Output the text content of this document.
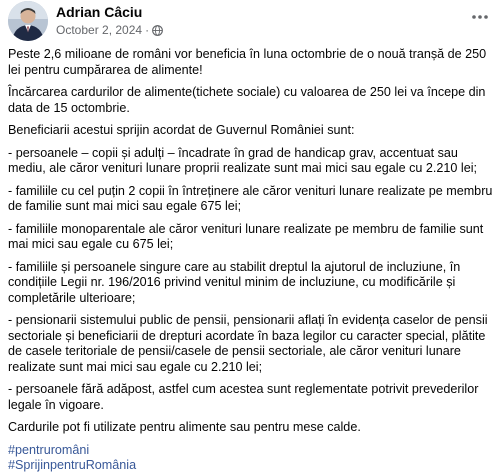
Adrian Câciu
October 2, 2024 ·

Peste 2,6 milioane de români vor beneficia în luna octombrie de o nouă tranșă de 250 lei pentru cumpărarea de alimente!

Încărcarea cardurilor de alimente(tichete sociale) cu valoarea de 250 lei va începe din data de 15 octombrie.

Beneficiarii acestui sprijin acordat de Guvernul României sunt:

- persoanele – copii și adulți – încadrate în grad de handicap grav, accentuat sau mediu, ale căror venituri lunare proprii realizate sunt mai mici sau egale cu 2.210 lei;

- familiile cu cel puțin 2 copii în întreținere ale căror venituri lunare realizate pe membru de familie sunt mai mici sau egale 675 lei;

- familiile monoparentale ale căror venituri lunare realizate pe membru de familie sunt mai mici sau egale cu 675 lei;

- familiile și persoanele singure care au stabilit dreptul la ajutorul de incluziune, în condițiile Legii nr. 196/2016 privind venitul minim de incluziune, cu modificările și completările ulterioare;

- pensionarii sistemului public de pensii, pensionarii aflați în evidența caselor de pensii sectoriale și beneficiarii de drepturi acordate în baza legilor cu caracter special, plătite de casele teritoriale de pensii/casele de pensii sectoriale, ale căror venituri lunare realizate sunt mai mici sau egale cu 2.210 lei;

- persoanele fără adăpost, astfel cum acestea sunt reglementate potrivit prevederilor legale în vigoare.

Cardurile pot fi utilizate pentru alimente sau pentru mese calde.

#pentruromâni
#SprijinpentruRomânia
